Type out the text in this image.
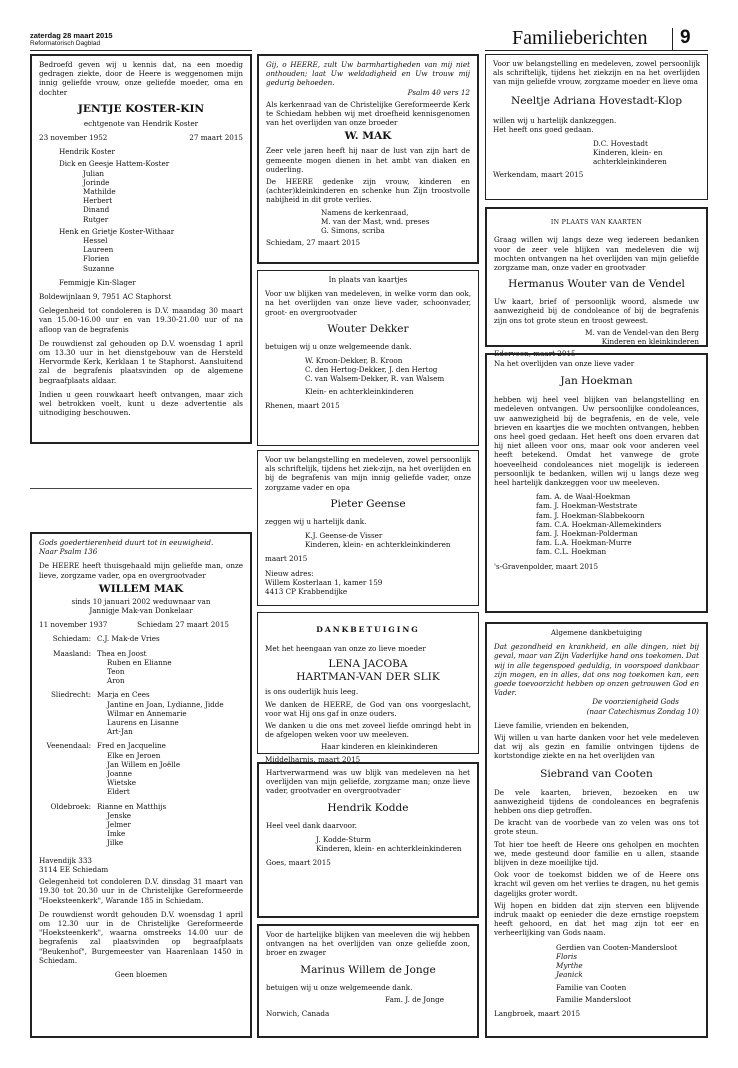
zaterdag 28 maart 2015
Reformatorisch Dagblad	Familieberichten 9

Bedroefd geven wij u kennis dat, na een moedig gedragen ziekte, door de Heere is weggenomen mijn innig geliefde vrouw, onze geliefde moeder, oma en dochter

JENTJE KOSTER-KIN

echtgenote van Hendrik Koster

23 november 1952	27 maart 2015

Hendrik Koster

Dick en Geesje Hattem-Koster

Julian

Jorinde

Mathilde

Herbert

Dinand

Rutger

Henk en Grietje Koster-Withaar

Hessel

Laureen

Florien

Suzanne

Femmigje Kin-Slager

Boldewijnlaan 9, 7951 AC Staphorst

Gelegenheid tot condoleren is D.V. maandag 30 maart van 15.00-16.00 uur en van 19.30-21.00 uur of na afloop van de begrafenis

De rouwdienst zal gehouden op D.V. woensdag 1 april om 13.30 uur in het dienstgebouw van de Hersteld Hervormde Kerk, Kerklaan 1 te Staphorst. Aansluitend zal de begrafenis plaatsvinden op de algemene begraafplaats aldaar.

Indien u geen rouwkaart heeft ontvangen, maar zich wel betrokken voelt, kunt u deze advertentie als uitnodiging beschouwen.

Gods goedertierenheid duurt tot in eeuwigheid.

Naar Psalm 136

De HEERE heeft thuisgehaald mijn geliefde man, onze lieve, zorgzame vader, opa en overgrootvader

WILLEM MAK

sinds 10 januari 2002 weduwnaar van

Jannigje Mak-van Donkelaar

11 november 1937	Schiedam 27 maart 2015

Schiedam: C.J. Mak-de Vries

Maasland: Thea en Joost

Ruben en Elianne

Teon

Aron

Sliedrecht: Marja en Cees

Jantine en Joan, Lydianne, Jidde

Wilmar en Annemarie

Laurens en Lisanne

Art-Jan

Veenendaal: Fred en Jacqueline

Elke en Jeroen

Jan Willem en Joëlle

Joanne

Wietske

Eldert

Oldebroek: Rianne en Matthijs

Jenske

Jelmer

Imke

Jilke

Havendijk 333

3114 EE Schiedam

Gelegenheid tot condoleren D.V. dinsdag 31 maart van 19.30 tot 20.30 uur in de Christelijke Gereformeerde "Hoeksteenkerk", Warande 185 in Schiedam.

De rouwdienst wordt gehouden D.V. woensdag 1 april om 12.30 uur in de Christelijke Gereformeerde "Hoeksteenkerk", waarna omstreeks 14.00 uur de begrafenis zal plaatsvinden op begraafplaats "Beukenhof", Burgemeester van Haarenlaan 1450 in Schiedam.

Geen bloemen

Gij, o HEERE, zult Uw barmhartigheden van mij niet onthouden; laat Uw weldadigheid en Uw trouw mij gedurig behoeden.

Psalm 40 vers 12

Als kerkenraad van de Christelijke Gereformeerde Kerk te Schiedam hebben wij met droefheid kennisgenomen van het overlijden van onze broeder

W. MAK

Zeer vele jaren heeft hij naar de lust van zijn hart de gemeente mogen dienen in het ambt van diaken en ouderling.

De HEERE gedenke zijn vrouw, kinderen en (achter)kleinkinderen en schenke hun Zijn troostvolle nabijheid in dit grote verlies.

Namens de kerkenraad,

M. van der Mast, wnd. preses

G. Simons, scriba

Schiedam, 27 maart 2015

In plaats van kaartjes

Voor uw blijken van medeleven, in welke vorm dan ook, na het overlijden van onze lieve vader, schoonvader, groot- en overgrootvader

Wouter Dekker

betuigen wij u onze welgemeende dank.

W. Kroon-Dekker, B. Kroon

C. den Hertog-Dekker, J. den Hertog

C. van Walsem-Dekker, R. van Walsem

Klein- en achterkleinkinderen

Rhenen, maart 2015

Voor uw belangstelling en medeleven, zowel persoonlijk als schriftelijk, tijdens het ziek-zijn, na het overlijden en bij de begrafenis van mijn innig geliefde vader, onze zorgzame vader en opa

Pieter Geense

zeggen wij u hartelijk dank.

K.J. Geense-de Visser

Kinderen, klein- en achterkleinkinderen

maart 2015

Nieuw adres:

Willem Kosterlaan 1, kamer 159

4413 CP Krabbendijke

DANKBETUIGING

Met het heengaan van onze zo lieve moeder

LENA JACOBA

HARTMAN-VAN DER SLIK

is ons ouderlijk huis leeg.

We danken de HEERE, de God van ons voorgeslacht, voor wat Hij ons gaf in onze ouders.

We danken u die ons met zoveel liefde omringd hebt in de afgelopen weken voor uw meeleven.

Haar kinderen en kleinkinderen

Middelharnis, maart 2015

Hartverwarmend was uw blijk van medeleven na het overlijden van mijn geliefde, zorgzame man; onze lieve vader, grootvader en overgrootvader

Hendrik Kodde

Heel veel dank daarvoor.

J. Kodde-Sturm

Kinderen, klein- en achterkleinkinderen

Goes, maart 2015

Voor de hartelijke blijken van meeleven die wij hebben ontvangen na het overlijden van onze geliefde zoon, broer en zwager

Marinus Willem de Jonge

betuigen wij u onze welgemeende dank.

Fam. J. de Jonge

Norwich, Canada

Voor uw belangstelling en medeleven, zowel persoonlijk als schriftelijk, tijdens het ziekzijn en na het overlijden van mijn geliefde vrouw, zorgzame moeder en lieve oma

Neeltje Adriana Hovestadt-Klop

willen wij u hartelijk dankzeggen.

Het heeft ons goed gedaan.

D.C. Hovestadt

Kinderen, klein- en

achterkleinkinderen

Werkendam, maart 2015

IN PLAATS VAN KAARTEN

Graag willen wij langs deze weg iedereen bedanken voor de zeer vele blijken van medeleven die wij mochten ontvangen na het overlijden van mijn geliefde zorgzame man, onze vader en grootvader

Hermanus Wouter van de Vendel

Uw kaart, brief of persoonlijk woord, alsmede uw aanwezigheid bij de condoleance of bij de begrafenis zijn ons tot grote steun en troost geweest.

M. van de Vendel-van den Berg

Kinderen en kleinkinderen

Ederveen, maart 2015

Na het overlijden van onze lieve vader

Jan Hoekman

hebben wij heel veel blijken van belangstelling en medeleven ontvangen. Uw persoonlijke condoleances, uw aanwezigheid bij de begrafenis, en de vele, vele brieven en kaartjes die we mochten ontvangen, hebben ons heel goed gedaan. Het heeft ons doen ervaren dat hij niet alleen voor ons, maar ook voor anderen veel heeft betekend. Omdat het vanwege de grote hoeveelheid condoleances niet mogelijk is iedereen persoonlijk te bedanken, willen wij u langs deze weg heel hartelijk dankzeggen voor uw meeleven.

fam. A. de Waal-Hoekman

fam. J. Hoekman-Weststrate

fam. J. Hoekman-Slabbekoorn

fam. C.A. Hoekman-Allemekinders

fam. J. Hoekman-Polderman

fam. L.A. Hoekman-Murre

fam. C.L. Hoekman

's-Gravenpolder, maart 2015

Algemene dankbetuiging

Dat gezondheid en krankheid, en alle dingen, niet bij geval, maar van Zijn Vaderlijke hand ons toekomen. Dat wij in alle tegenspoed geduldig, in voorspoed dankbaar zijn mogen, en in alles, dat ons nog toekomen kan, een goede toevoorzicht hebben op onzen getrouwen God en Vader.

De voorzienigheid Gods

(naar Catechismus Zondag 10)

Lieve familie, vrienden en bekenden,

Wij willen u van harte danken voor het vele medeleven dat wij als gezin en familie ontvingen tijdens de kortstondige ziekte en na het overlijden van

Siebrand van Cooten

De vele kaarten, brieven, bezoeken en uw aanwezigheid tijdens de condoleances en begrafenis hebben ons diep getroffen.

De kracht van de voorbede van zo velen was ons tot grote steun.

Tot hier toe heeft de Heere ons geholpen en mochten we, mede gesteund door familie en u allen, staande blijven in deze moeilijke tijd.

Ook voor de toekomst bidden we of de Heere ons kracht wil geven om het verlies te dragen, nu het gemis dagelijks groter wordt.

Wij hopen en bidden dat zijn sterven een blijvende indruk maakt op eenieder die deze ernstige roepstem heeft gehoord, en dat het mag zijn tot eer en verheerlijking van Gods naam.

Gerdien van Cooten-Mandersloot

Floris

Myrthe

Jeanick

Familie van Cooten

Familie Mandersloot

Langbroek, maart 2015
